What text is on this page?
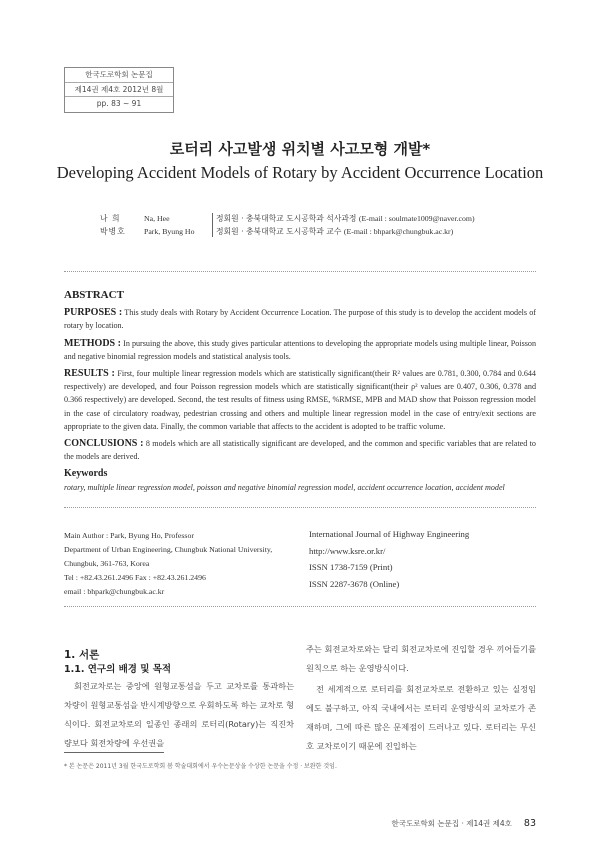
한국도로학회 논문집
제14권 제4호 2012년 8월
pp. 83 ~ 91
로터리 사고발생 위치별 사고모형 개발*
Developing Accident Models of Rotary by Accident Occurrence Location
나 희	Na, Hee	정회원 · 충북대학교 도시공학과 석사과정 (E-mail : soulmate1009@naver.com)
박병호	Park, Byung Ho	정회원 · 충북대학교 도시공학과 교수 (E-mail : bhpark@chungbuk.ac.kr)
ABSTRACT

PURPOSES : This study deals with Rotary by Accident Occurrence Location. The purpose of this study is to develop the accident models of rotary by location.

METHODS : In pursuing the above, this study gives particular attentions to developing the appropriate models using multiple linear, Poisson and negative binomial regression models and statistical analysis tools.

RESULTS : First, four multiple linear regression models which are statistically significant(their R² values are 0.781, 0.300, 0.784 and 0.644 respectively) are developed, and four Poisson regression models which are statistically significant(their ρ² values are 0.407, 0.306, 0.378 and 0.366 respectively) are developed. Second, the test results of fitness using RMSE, %RMSE, MPB and MAD show that Poisson regression model in the case of circulatory roadway, pedestrian crossing and others and multiple linear regression model in the case of entry/exit sections are appropriate to the given data. Finally, the common variable that affects to the accident is adopted to be traffic volume.

CONCLUSIONS : 8 models which are all statistically significant are developed, and the common and specific variables that are related to the models are derived.

Keywords
rotary, multiple linear regression model, poisson and negative binomial regression model, accident occurrence location, accident model
Main Author : Park, Byung Ho, Professor
Department of Urban Engineering, Chungbuk National University,
Chungbuk, 361-763, Korea
Tel : +82.43.261.2496 Fax : +82.43.261.2496
email : bhpark@chungbuk.ac.kr
International Journal of Highway Engineering
http://www.ksre.or.kr/
ISSN 1738-7159 (Print)
ISSN 2287-3678 (Online)
1. 서론
1.1. 연구의 배경 및 목적
회전교차로는 중앙에 원형교통섬을 두고 교차로를 통과하는 차량이 원형교통섬을 반시계방향으로 우회하도록 하는 교차로 형식이다. 회전교차로의 일종인 종래의 로터리(Rotary)는 직진차량보다 회전차량에 우선권을
주는 회전교차로와는 달리 회전교차로에 진입할 경우 끼어들기를 원칙으로 하는 운영방식이다.
전 세계적으로 로터리를 회전교차로로 전환하고 있는 실정임에도 불구하고, 아직 국내에서는 로터리 운영방식의 교차로가 존재하며, 그에 따른 많은 문제점이 드러나고 있다. 로터리는 무신호 교차로이기 때문에 진입하는
* 본 논문은 2011년 3월 한국도로학회 봄 학술대회에서 우수논문상을 수상한 논문을 수정 · 보완한 것임.
한국도로학회 논문집 · 제14권 제4호 83
